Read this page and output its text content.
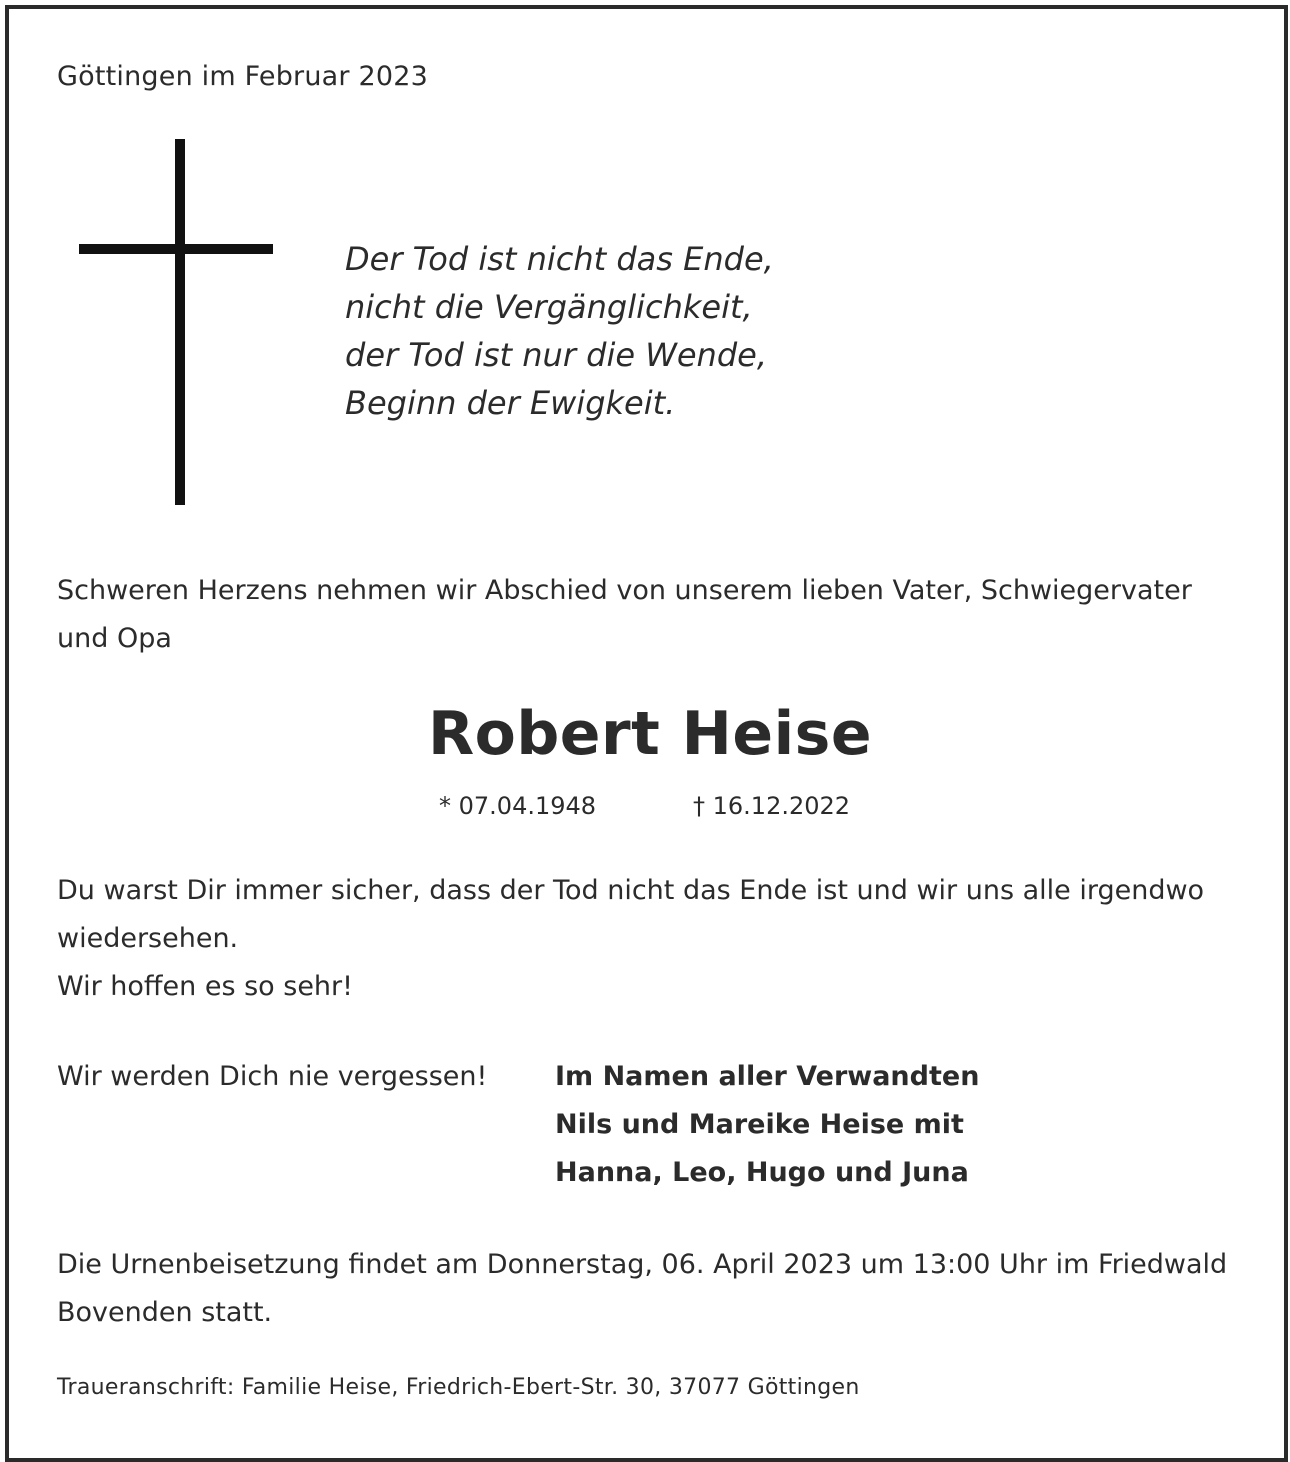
Göttingen im Februar 2023
Der Tod ist nicht das Ende,
nicht die Vergänglichkeit,
der Tod ist nur die Wende,
Beginn der Ewigkeit.
Schweren Herzens nehmen wir Abschied von unserem lieben Vater, Schwiegervater
und Opa
Robert Heise
* 07.04.1948	† 16.12.2022
Du warst Dir immer sicher, dass der Tod nicht das Ende ist und wir uns alle irgendwo
wiedersehen.
Wir hoffen es so sehr!
Wir werden Dich nie vergessen!	Im Namen aller Verwandten
Nils und Mareike Heise mit
Hanna, Leo, Hugo und Juna
Die Urnenbeisetzung findet am Donnerstag, 06. April 2023 um 13:00 Uhr im Friedwald
Bovenden statt.
Traueranschrift: Familie Heise, Friedrich-Ebert-Str. 30, 37077 Göttingen
